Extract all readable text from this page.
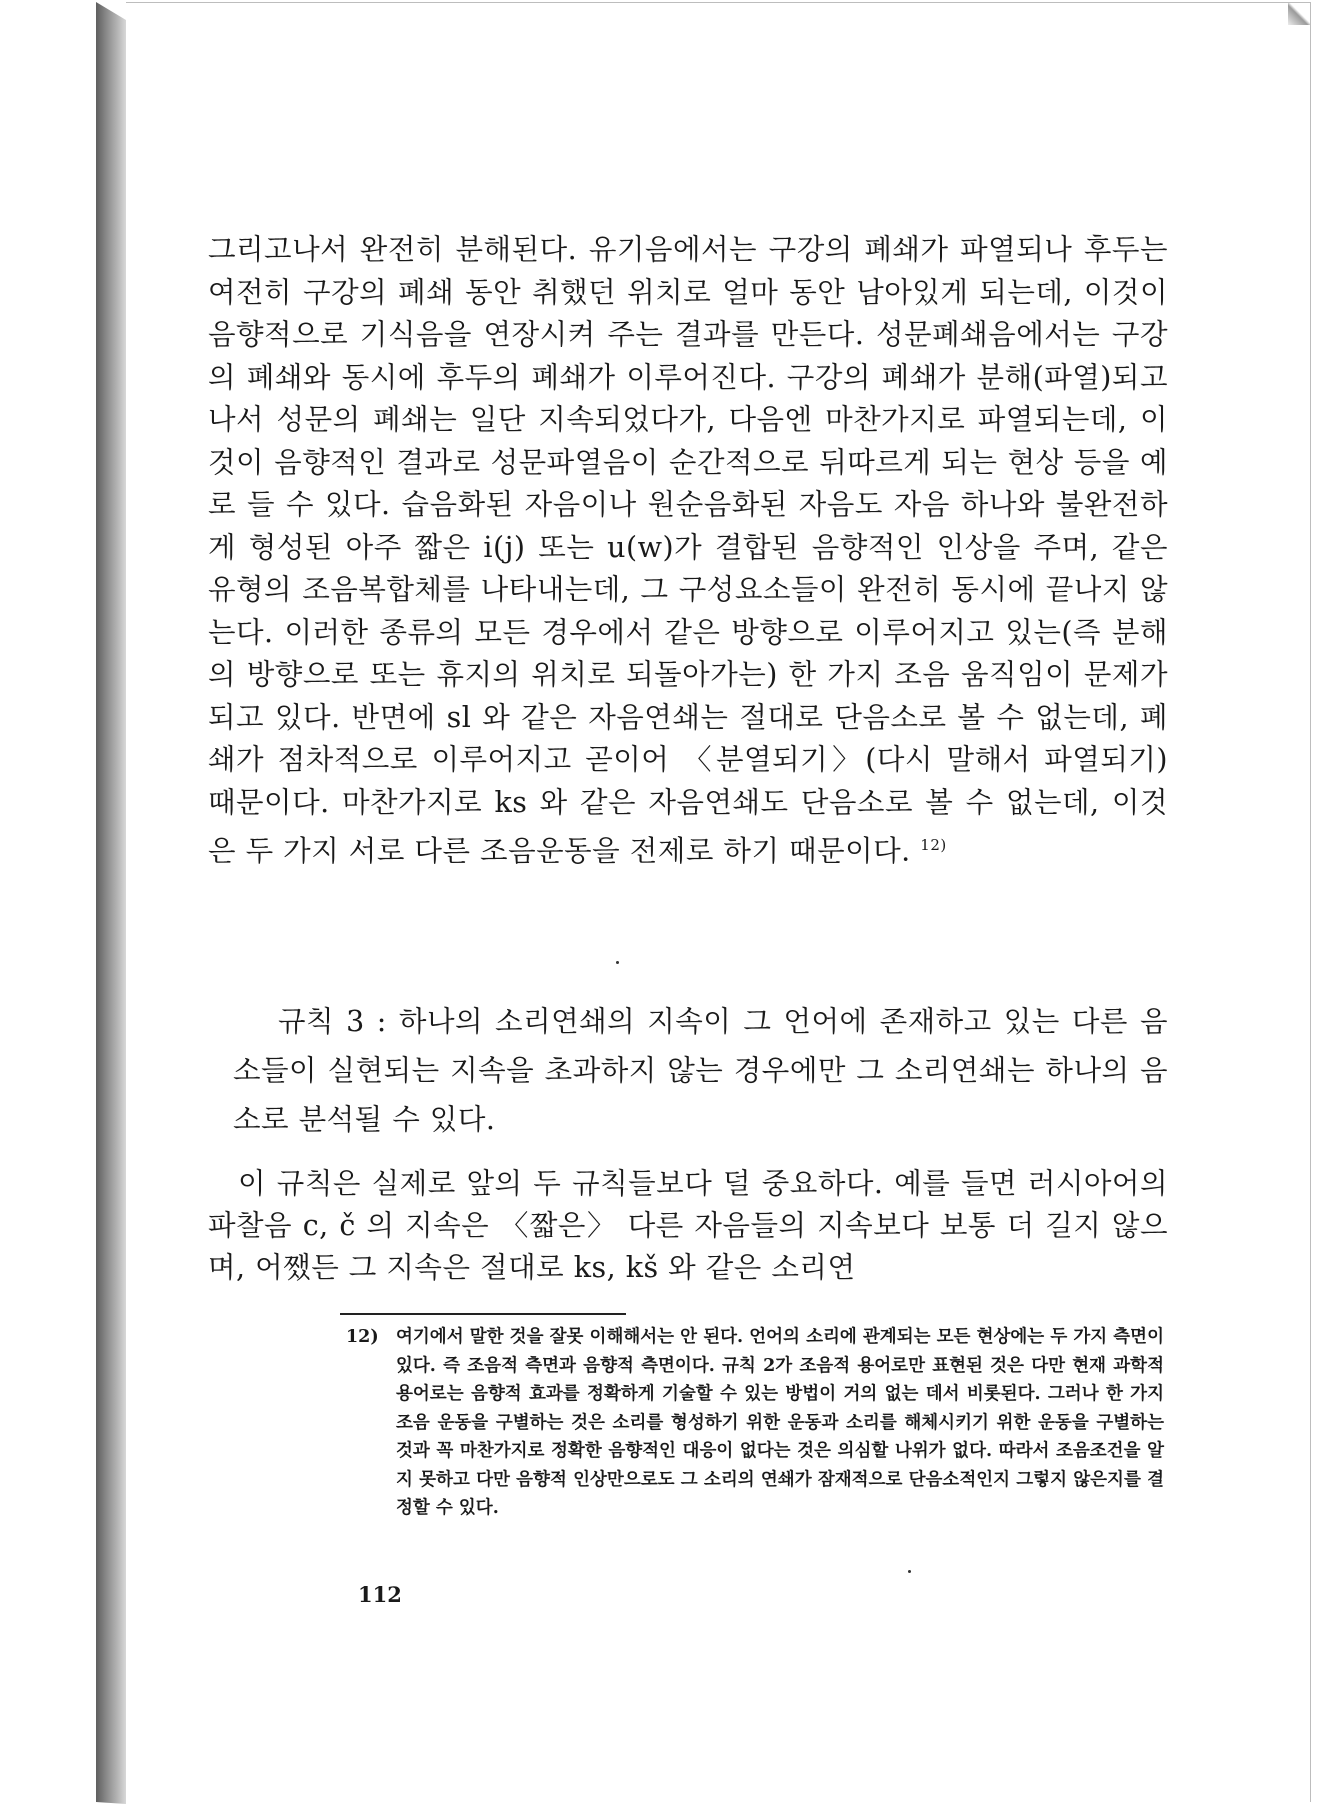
그리고나서 완전히 분해된다. 유기음에서는 구강의 폐쇄가 파열되나 후두는 여전히 구강의 폐쇄 동안 취했던 위치로 얼마 동안 남아있게 되는데, 이것이 음향적으로 기식음을 연장시켜 주는 결과를 만든다. 성문폐쇄음에서는 구강의 폐쇄와 동시에 후두의 폐쇄가 이루어진다. 구강의 폐쇄가 분해(파열)되고 나서 성문의 폐쇄는 일단 지속되었다가, 다음엔 마찬가지로 파열되는데, 이것이 음향적인 결과로 성문파열음이 순간적으로 뒤따르게 되는 현상 등을 예로 들 수 있다. 습음화된 자음이나 원순음화된 자음도 자음 하나와 불완전하게 형성된 아주 짧은 i(j) 또는 u(w)가 결합된 음향적인 인상을 주며, 같은 유형의 조음복합체를 나타내는데, 그 구성요소들이 완전히 동시에 끝나지 않는다. 이러한 종류의 모든 경우에서 같은 방향으로 이루어지고 있는(즉 분해의 방향으로 또는 휴지의 위치로 되돌아가는) 한 가지 조음 움직임이 문제가 되고 있다. 반면에 sl 와 같은 자음연쇄는 절대로 단음소로 볼 수 없는데, 폐쇄가 점차적으로 이루어지고 곧이어 〈분열되기〉(다시 말해서 파열되기) 때문이다. 마찬가지로 ks 와 같은 자음연쇄도 단음소로 볼 수 없는데, 이것은 두 가지 서로 다른 조음운동을 전제로 하기 때문이다. $^{12)}$

규칙 3 : 하나의 소리연쇄의 지속이 그 언어에 존재하고 있는 다른 음소들이 실현되는 지속을 초과하지 않는 경우에만 그 소리연쇄는 하나의 음소로 분석될 수 있다.

이 규칙은 실제로 앞의 두 규칙들보다 덜 중요하다. 예를 들면 러시아어의 파찰음 c, č 의 지속은 〈짧은〉 다른 자음들의 지속보다 보통 더 길지 않으며, 어쨌든 그 지속은 절대로 ks, kš 와 같은 소리연

12) 여기에서 말한 것을 잘못 이해해서는 안 된다. 언어의 소리에 관계되는 모든 현상에는 두 가지 측면이 있다. 즉 조음적 측면과 음향적 측면이다. 규칙 2가 조음적 용어로만 표현된 것은 다만 현재 과학적 용어로는 음향적 효과를 정확하게 기술할 수 있는 방법이 거의 없는 데서 비롯된다. 그러나 한 가지 조음 운동을 구별하는 것은 소리를 형성하기 위한 운동과 소리를 해체시키기 위한 운동을 구별하는 것과 꼭 마찬가지로 정확한 음향적인 대응이 없다는 것은 의심할 나위가 없다. 따라서 조음조건을 알지 못하고 다만 음향적 인상만으로도 그 소리의 연쇄가 잠재적으로 단음소적인지 그렇지 않은지를 결정할 수 있다.
112
